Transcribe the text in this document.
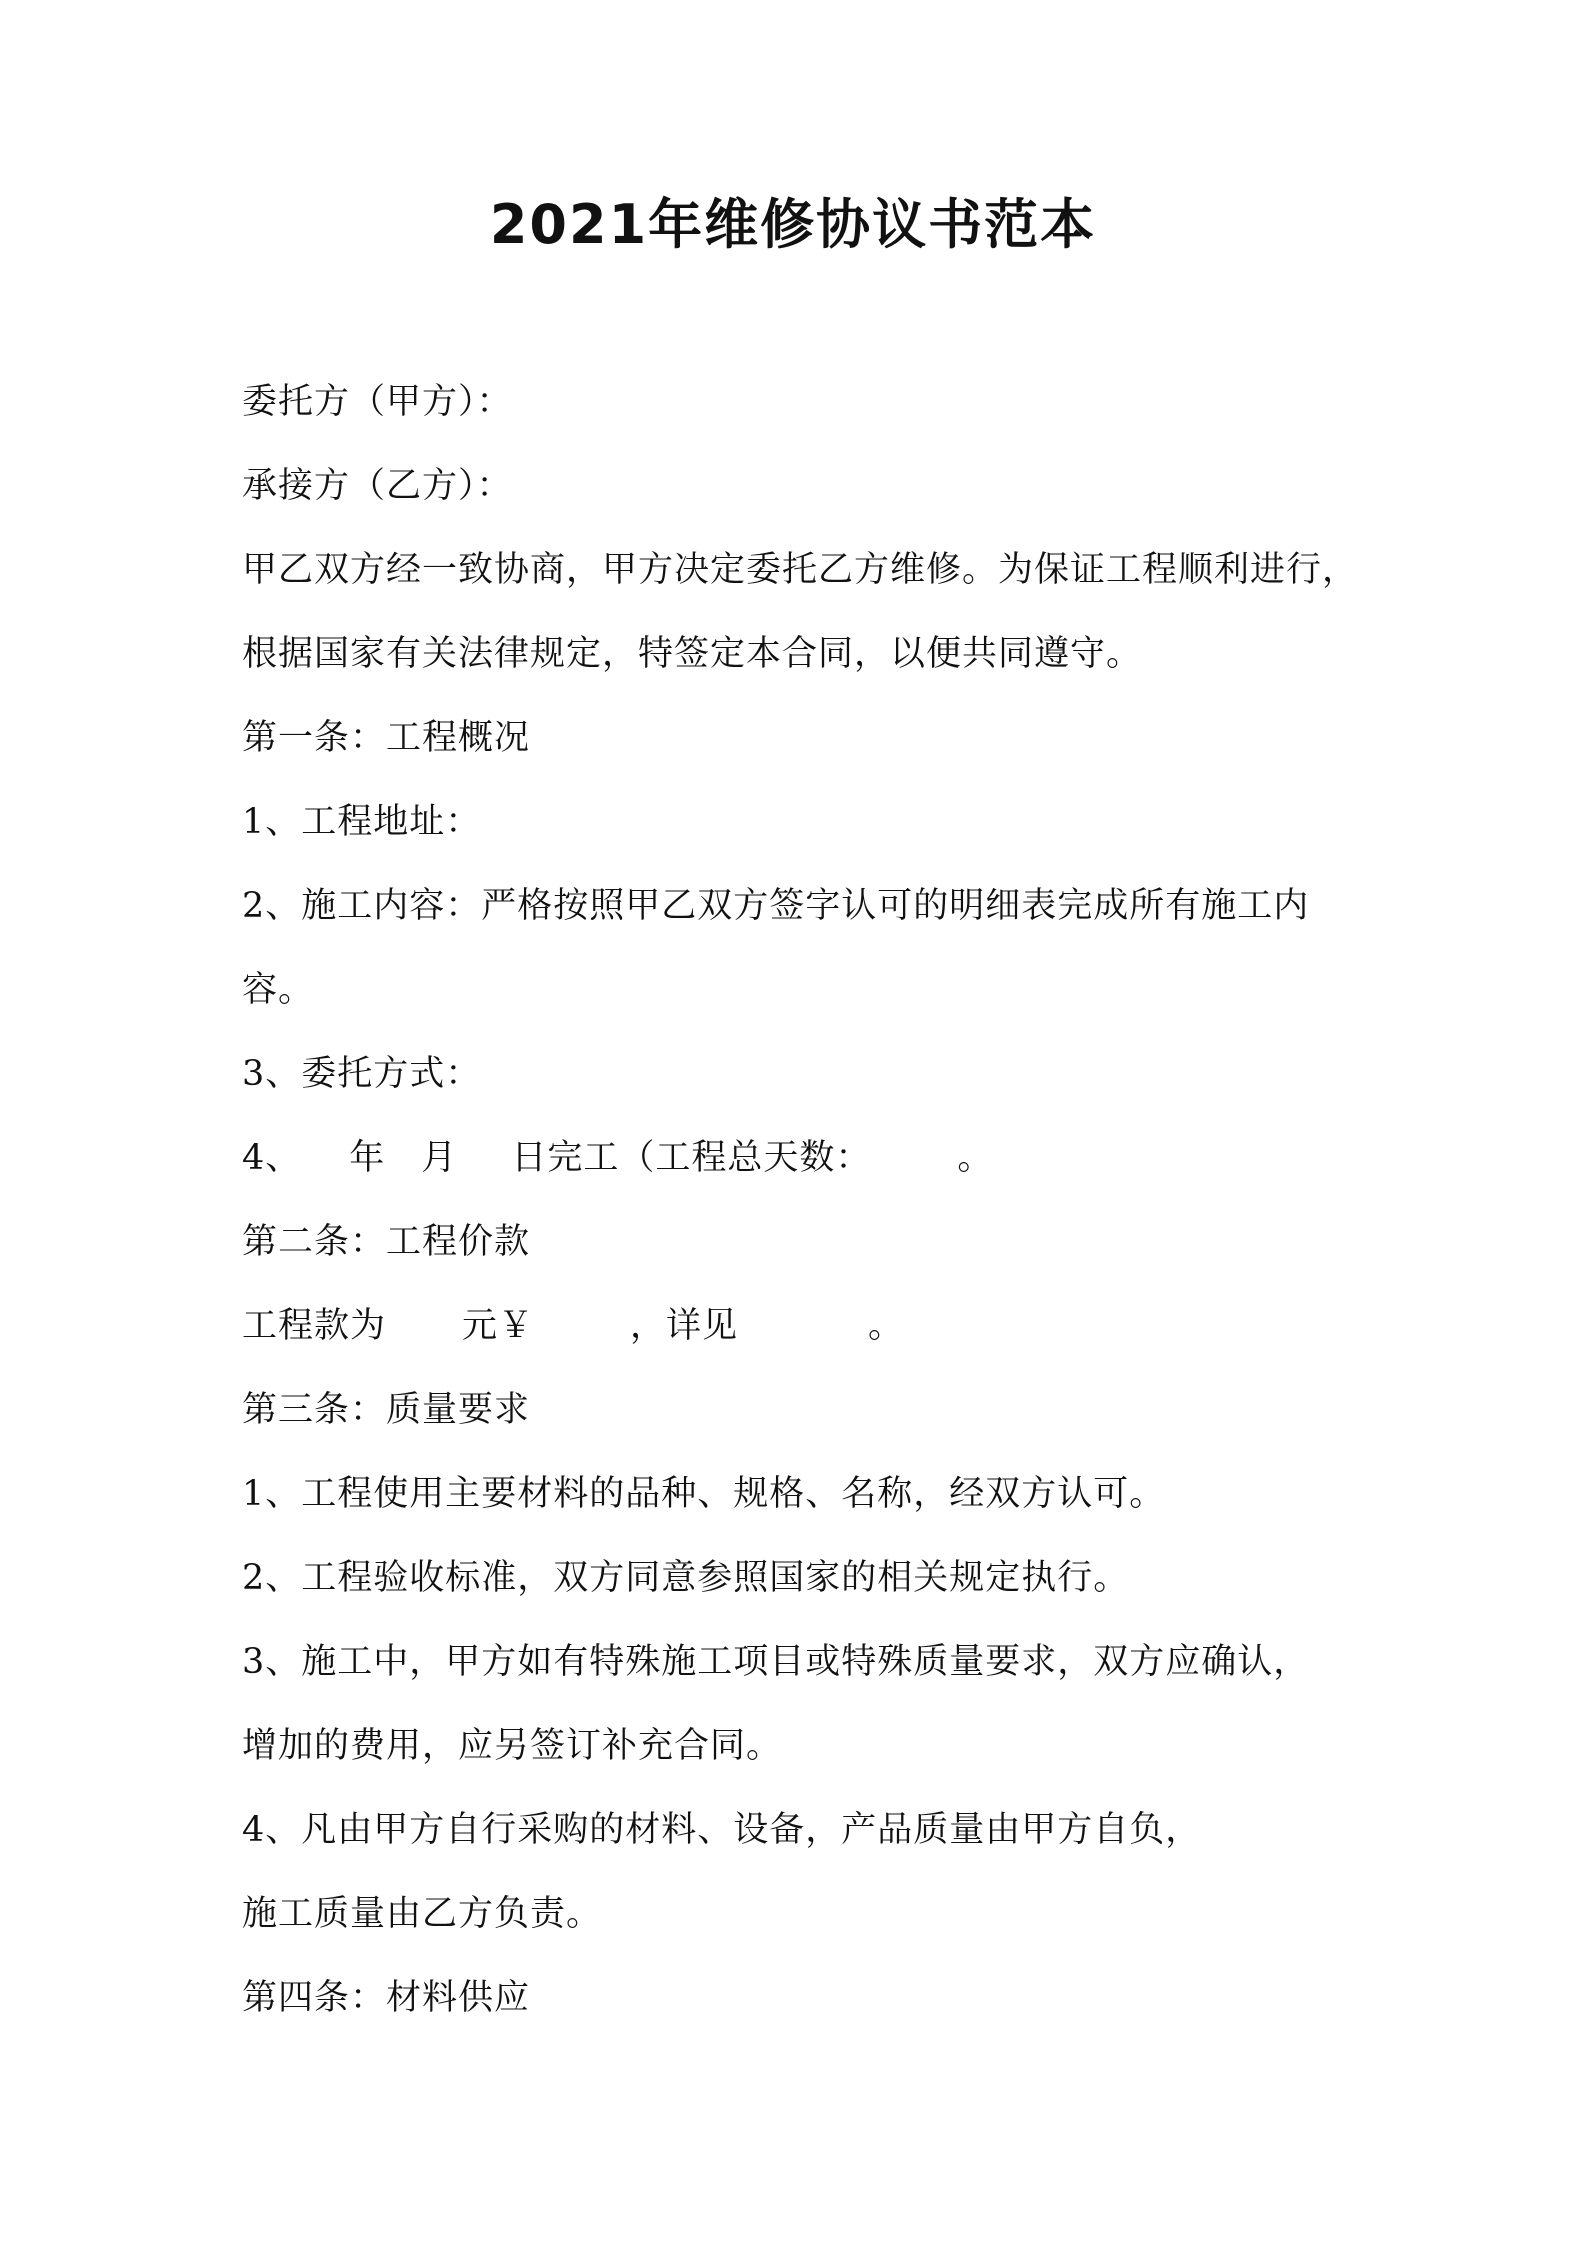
2021年维修协议书范本

委托方（甲方）：

承接方（乙方）：

甲乙双方经一致协商，甲方决定委托乙方维修。为保证工程顺利进行，

根据国家有关法律规定，特签定本合同，以便共同遵守。

第一条：工程概况

1、工程地址：

2、施工内容：严格按照甲乙双方签字认可的明细表完成所有施工内

容。

3、委托方式：

4、 年 月 日完工（工程总天数： 。

第二条：工程价款

工程款为 元￥	，详见	。

第三条：质量要求

1、工程使用主要材料的品种、规格、名称，经双方认可。

2、工程验收标准，双方同意参照国家的相关规定执行。

3、施工中，甲方如有特殊施工项目或特殊质量要求，双方应确认，

增加的费用，应另签订补充合同。

4、凡由甲方自行采购的材料、设备，产品质量由甲方自负，

施工质量由乙方负责。

第四条：材料供应
